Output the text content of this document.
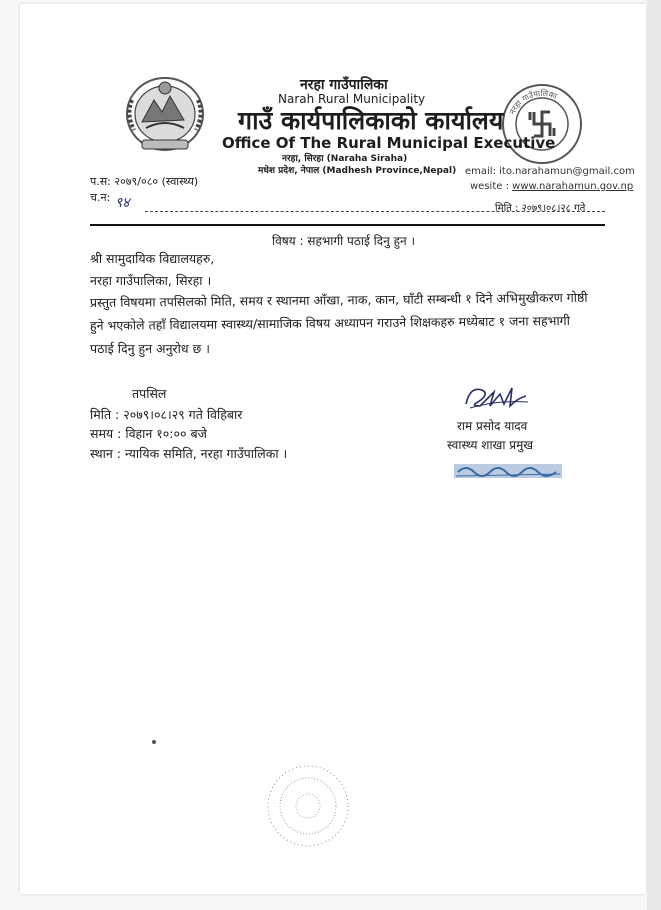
नरहा गाउँपालिका
नरहा गाउँपालिका
Narah Rural Municipality
गाउँ कार्यपालिकाको कार्यालय
Office Of The Rural Municipal Executive
नरहा, सिरहा (Naraha Siraha)
मधेश प्रदेश, नेपाल (Madhesh Province,Nepal)
प.स: २०७९/०८० (स्वास्थ्य)
च.न: ९४
email: ito.narahamun@gmail.com
wesite : www.narahamun.gov.np
मिति : २०७९।०८।२८ गते
विषय : सहभागी पठाई दिनु हुन ।
श्री सामुदायिक विद्यालयहरु,
नरहा गाउँपालिका, सिरहा ।
प्रस्तुत विषयमा तपसिलको मिति, समय र स्थानमा आँखा, नाक, कान, घाँटी सम्बन्धी १ दिने अभिमुखीकरण गोष्ठी
हुने भएकोले तहाँ विद्यालयमा स्वास्थ्य/सामाजिक विषय अध्यापन गराउने शिक्षकहरु मध्येबाट १ जना सहभागी
पठाई दिनु हुन अनुरोध छ ।
तपसिल
मिति : २०७९।०८।२९ गते विहिबार
समय : विहान १०:०० बजे
स्थान : न्यायिक समिति, नरहा गाउँपालिका ।
राम प्रसोद यादव
स्वास्थ्य शाखा प्रमुख
